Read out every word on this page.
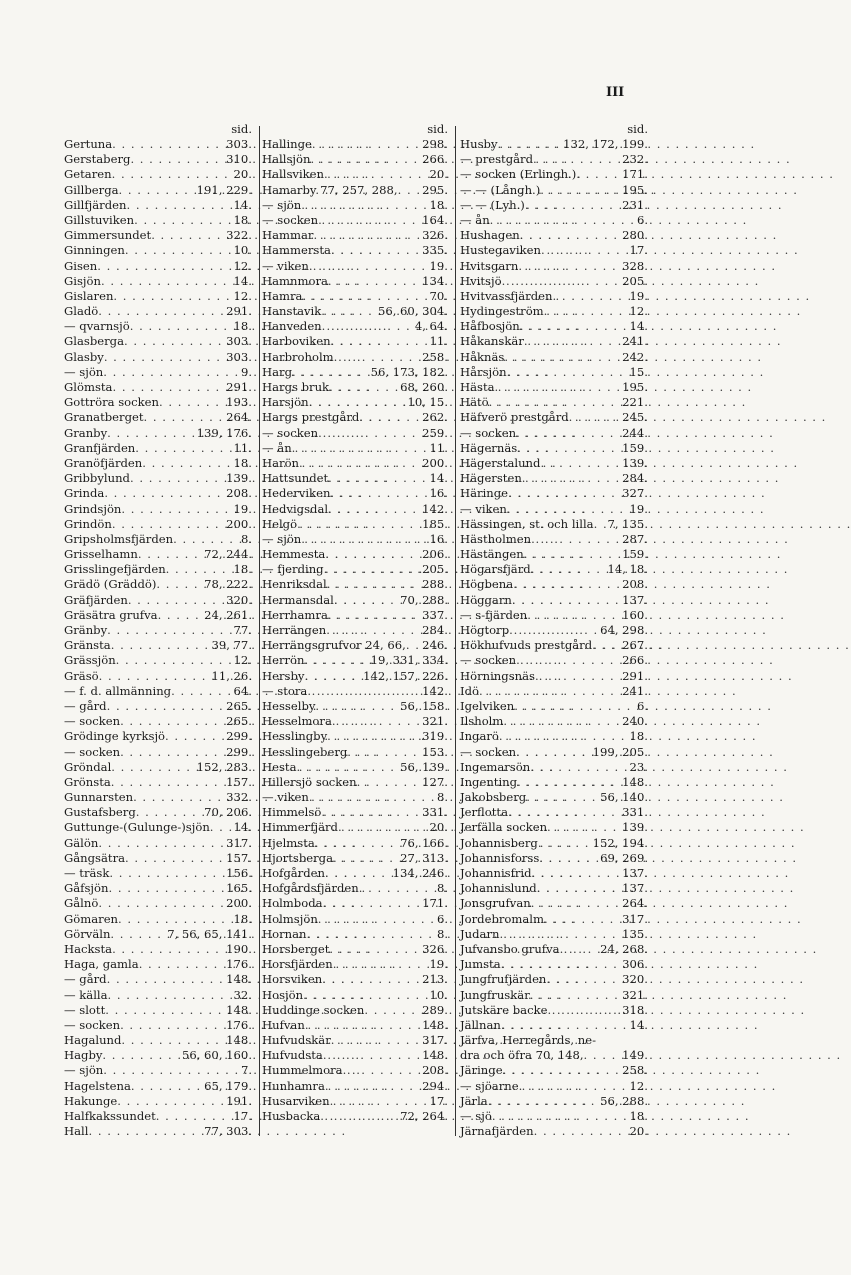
III
sid.
Gertuna . . .	303.
Gerstaberg . . .	310.
Getaren . . .	20.
Gillberga . . .	191, 229.
Gillfjärden . . .	14.
Gillstuviken . . .	18.
Gimmersundet . . .	322.
Ginningen . . .	10.
Gisen . . .	12.
Gisjön . . .	14.
Gislaren . . .	12.
Gladö . . .	291.
— qvarnsjö . . .	18.
Glasberga . . .	303.
Glasby . . .	303.
— sjön . . .	9.
Glömsta . . .	291.
Gottröra socken . . .	193.
Granatberget . . .	264.
Granby . . .	139, 176.
Granfjärden . . .	11.
Granöfjärden . . .	18.
Gribbylund . . .	139.
Grinda . . .	208.
Grindsjön . . .	19.
Grindön . . .	200.
Gripsholmsfjärden . . .	8.
Grisselhamn . . .	72, 244.
Grisslingefjärden . . .	18.
Grädö (Gräddö) . . .	78, 222.
Gräfjärden . . .	320.
Gräsätra grufva . . .	24, 261.
Gränby . . .	77.
Gränsta . . .	39, 77.
Grässjön . . .	12.
Gräsö . . .	11, 26.
— f. d. allmänning . . .	64.
— gård . . .	265.
— socken . . .	265.
Grödinge kyrksjö . . .	299.
— socken . . .	299.
Gröndal . . .	152, 283.
Grönsta . . .	157.
Gunnarsten . . .	332.
Gustafsberg . . .	70, 206.
Guttunge-(Gulunge-)sjön . . . 14.
Gälön . . .	317.
Gångsätra . . .	157.
— träsk . . .	156.
Gåfsjön . . .	165.
Gålnö . . .	200.
Gömaren . . .	18.
Görväln . . .	7, 56, 65, 141.
Hacksta . . .	190.
Haga, gamla . . .	176.
— gård . . .	148.
— källa . . .	32.
— slott . . .	148.
— socken . . .	176.
Hagalund . . .	148.
Hagby . . .	56, 60, 160.
— sjön . . .	7.
Hagelstena . . .	65, 179.
Hakunge . . .	191.
Halfkakssundet . . .	17.
Hall . . .	77, 303.
sid.
Hallinge . . .	298.
Hallsjön . . .	266.
Hallsviken . . .	20.
Hamarby 77, 257, 288, . . . 295.
— sjön . . .	18.
— socken . . .	164.
Hammar . . .	326.
Hammersta . . .	335.
— viken . . .	19.
Hamnmora . . .	134.
Hamra . . .	70.
Hanstavik . . .	56, 60, 304.
Hanveden . . .	4, 64.
Harboviken . . .	11.
Harbroholm . . .	258.
Harg . . .	56, 173, 182.
Hargs bruk . . .	68, 260.
Harsjön . . .	10, 15.
Hargs prestgård . . .	262.
— socken . . .	259.
— ån . . .	11.
Harön . . .	200.
Hattsundet . . .	14.
Hederviken . . .	16.
Hedvigsdal . . .	142.
Helgö . . .	185.
— sjön . . .	16.
Hemmesta . . .	206.
— fjerding . . .	205.
Henriksdal . . .	288.
Hermansdal . . .	70, 288.
Herrhamra . . .	337.
Herrängen . . .	284.
Herrängsgrufvor 24, 66, . . . 246.
Herrön . . .	19, 331, 334.
Hersby . . .	142, 157, 226.
— stora . . .	142.
Hesselby . . .	56, 158.
Hesselmora . . .	321.
Hesslingby . . .	319.
Hesslingeberg . . .	153.
Hesta . . .	56, 139.
Hillersjö socken . . .	127.
— viken . . .	8.
Himmelsö . . .	331.
Himmerfjärd . . .	20.
Hjelmsta . . .	76, 166.
Hjortsberga . . .	27, 313.
Hofgården . . .	134, 246.
Hofgårdsfjärden . . .	8.
Holmboda . . .	171.
Holmsjön . . .	6.
Hornan . . .	8.
Horsberget . . .	326.
Horsfjärden . . .	19.
Horsviken . . .	213.
Hosjön . . .	10.
Huddinge socken . . .	289.
Hufvan . . .	148.
Hufvudskär . . .	317.
Hufvudsta . . .	148.
Hummelmora . . .	208.
Hunhamra . . .	294.
Husarviken . . .	17.
Husbacka . . .	72, 264.
sid.
Husby . . .	132, 172, 199.
— prestgård . . .	232.
— socken (Erlingh.) . . .	171.
— — (Långh.) . . .	195.
— — (Lyh.) . . .	231.
— ån . . .	6.
Hushagen . . .	280.
Hustegaviken . . .	17.
Hvitsgarn . . .	328.
Hvitsjö . . .	205.
Hvitvassfjärden . . .	19.
Hydingeström . . .	12.
Håfbosjön . . .	14.
Håkanskär . . .	241.
Håknäs . . .	242.
Hårsjön . . .	15.
Hästa . . .	195.
Hätö . . .	221.
Häfverö prestgård . . .	245.
— socken . . .	244.
Hägernäs . . .	159.
Hägerstalund . . .	139.
Hägersten . . .	284.
Häringe . . .	327.
— viken . . .	19.
Hässingen, st. och lilla . . . 7, 135.
Hästholmen . . .	287.
Hästängen . . .	159.
Högarsfjärd . . .	14, 18.
Högbena . . .	208.
Höggarn . . .	137.
— s-fjärden . . .	160.
Högtorp . . .	64, 298.
Hökhufvuds prestgård . . .	267.
— socken . . .	266.
Hörningsnäs . . .	291.
Idö . . .	241.
Igelviken . . .	6.
Ilsholm . . .	240.
Ingarö . . .	18.
— socken . . .	199, 205.
Ingemarsön . . .	23.
Ingenting . . .	148.
Jakobsberg . . .	56, 140.
Jerflotta . . .	331.
Jerfälla socken . . .	139.
Johannisberg . . .	152, 194.
Johannisforss . . .	69, 269.
Johannisfrid . . .	137.
Johannislund . . .	137.
Jonsgrufvan . . .	264.
Jordebromalm . . .	317.
Judarn . . .	135.
Jufvansbo grufva . . .	24, 268.
Jumsta . . .	306.
Jungfrufjärden . . .	320.
Jungfruskär . . .	321.
Jutskäre backe . . .	318.
Jällnan . . .	14.
Järfva, Herregårds, ne-
dra och öfra 70, 148, . . .	149.
Järinge . . .	258.
— sjöarne . . .	12.
Järla . . .	56, 288.
— sjö . . .	18.
Järnafjärden . . .	20.
